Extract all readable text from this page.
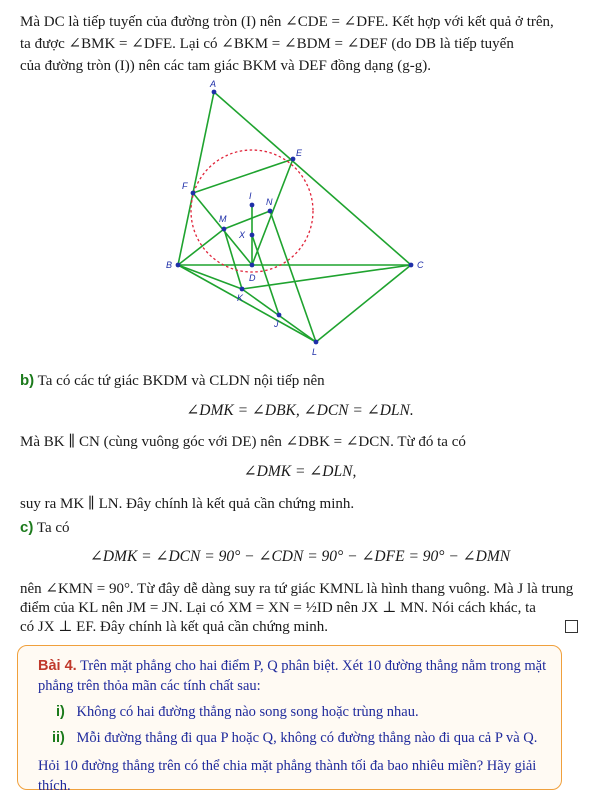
Mà DC là tiếp tuyến của đường tròn (I) nên ∠CDE = ∠DFE. Kết hợp với kết quả ở trên,
ta được ∠BMK = ∠DFE. Lại có ∠BKM = ∠BDM = ∠DEF (do DB là tiếp tuyến
của đường tròn (I)) nên các tam giác BKM và DEF đồng dạng (g-g).
A
E
F
I
N
M
X
B
D
C
K
J
L
b) Ta có các tứ giác BKDM và CLDN nội tiếp nên
∠DMK = ∠DBK, ∠DCN = ∠DLN.
Mà BK ∥ CN (cùng vuông góc với DE) nên ∠DBK = ∠DCN. Từ đó ta có
∠DMK = ∠DLN,
suy ra MK ∥ LN. Đây chính là kết quả cần chứng minh.
c) Ta có
∠DMK = ∠DCN = 90° − ∠CDN = 90° − ∠DFE = 90° − ∠DMN
nên ∠KMN = 90°. Từ đây dễ dàng suy ra tứ giác KMNL là hình thang vuông. Mà J là trung
điểm của KL nên JM = JN. Lại có XM = XN = ½ID nên JX ⊥ MN. Nói cách khác, ta
có JX ⊥ EF. Đây chính là kết quả cần chứng minh.
Bài 4. Trên mặt phẳng cho hai điểm P, Q phân biệt. Xét 10 đường thẳng nằm trong mặt
phẳng trên thỏa mãn các tính chất sau:
i) Không có hai đường thẳng nào song song hoặc trùng nhau.
ii) Mỗi đường thẳng đi qua P hoặc Q, không có đường thẳng nào đi qua cả P và Q.
Hỏi 10 đường thẳng trên có thể chia mặt phẳng thành tối đa bao nhiêu miền? Hãy giải thích.
